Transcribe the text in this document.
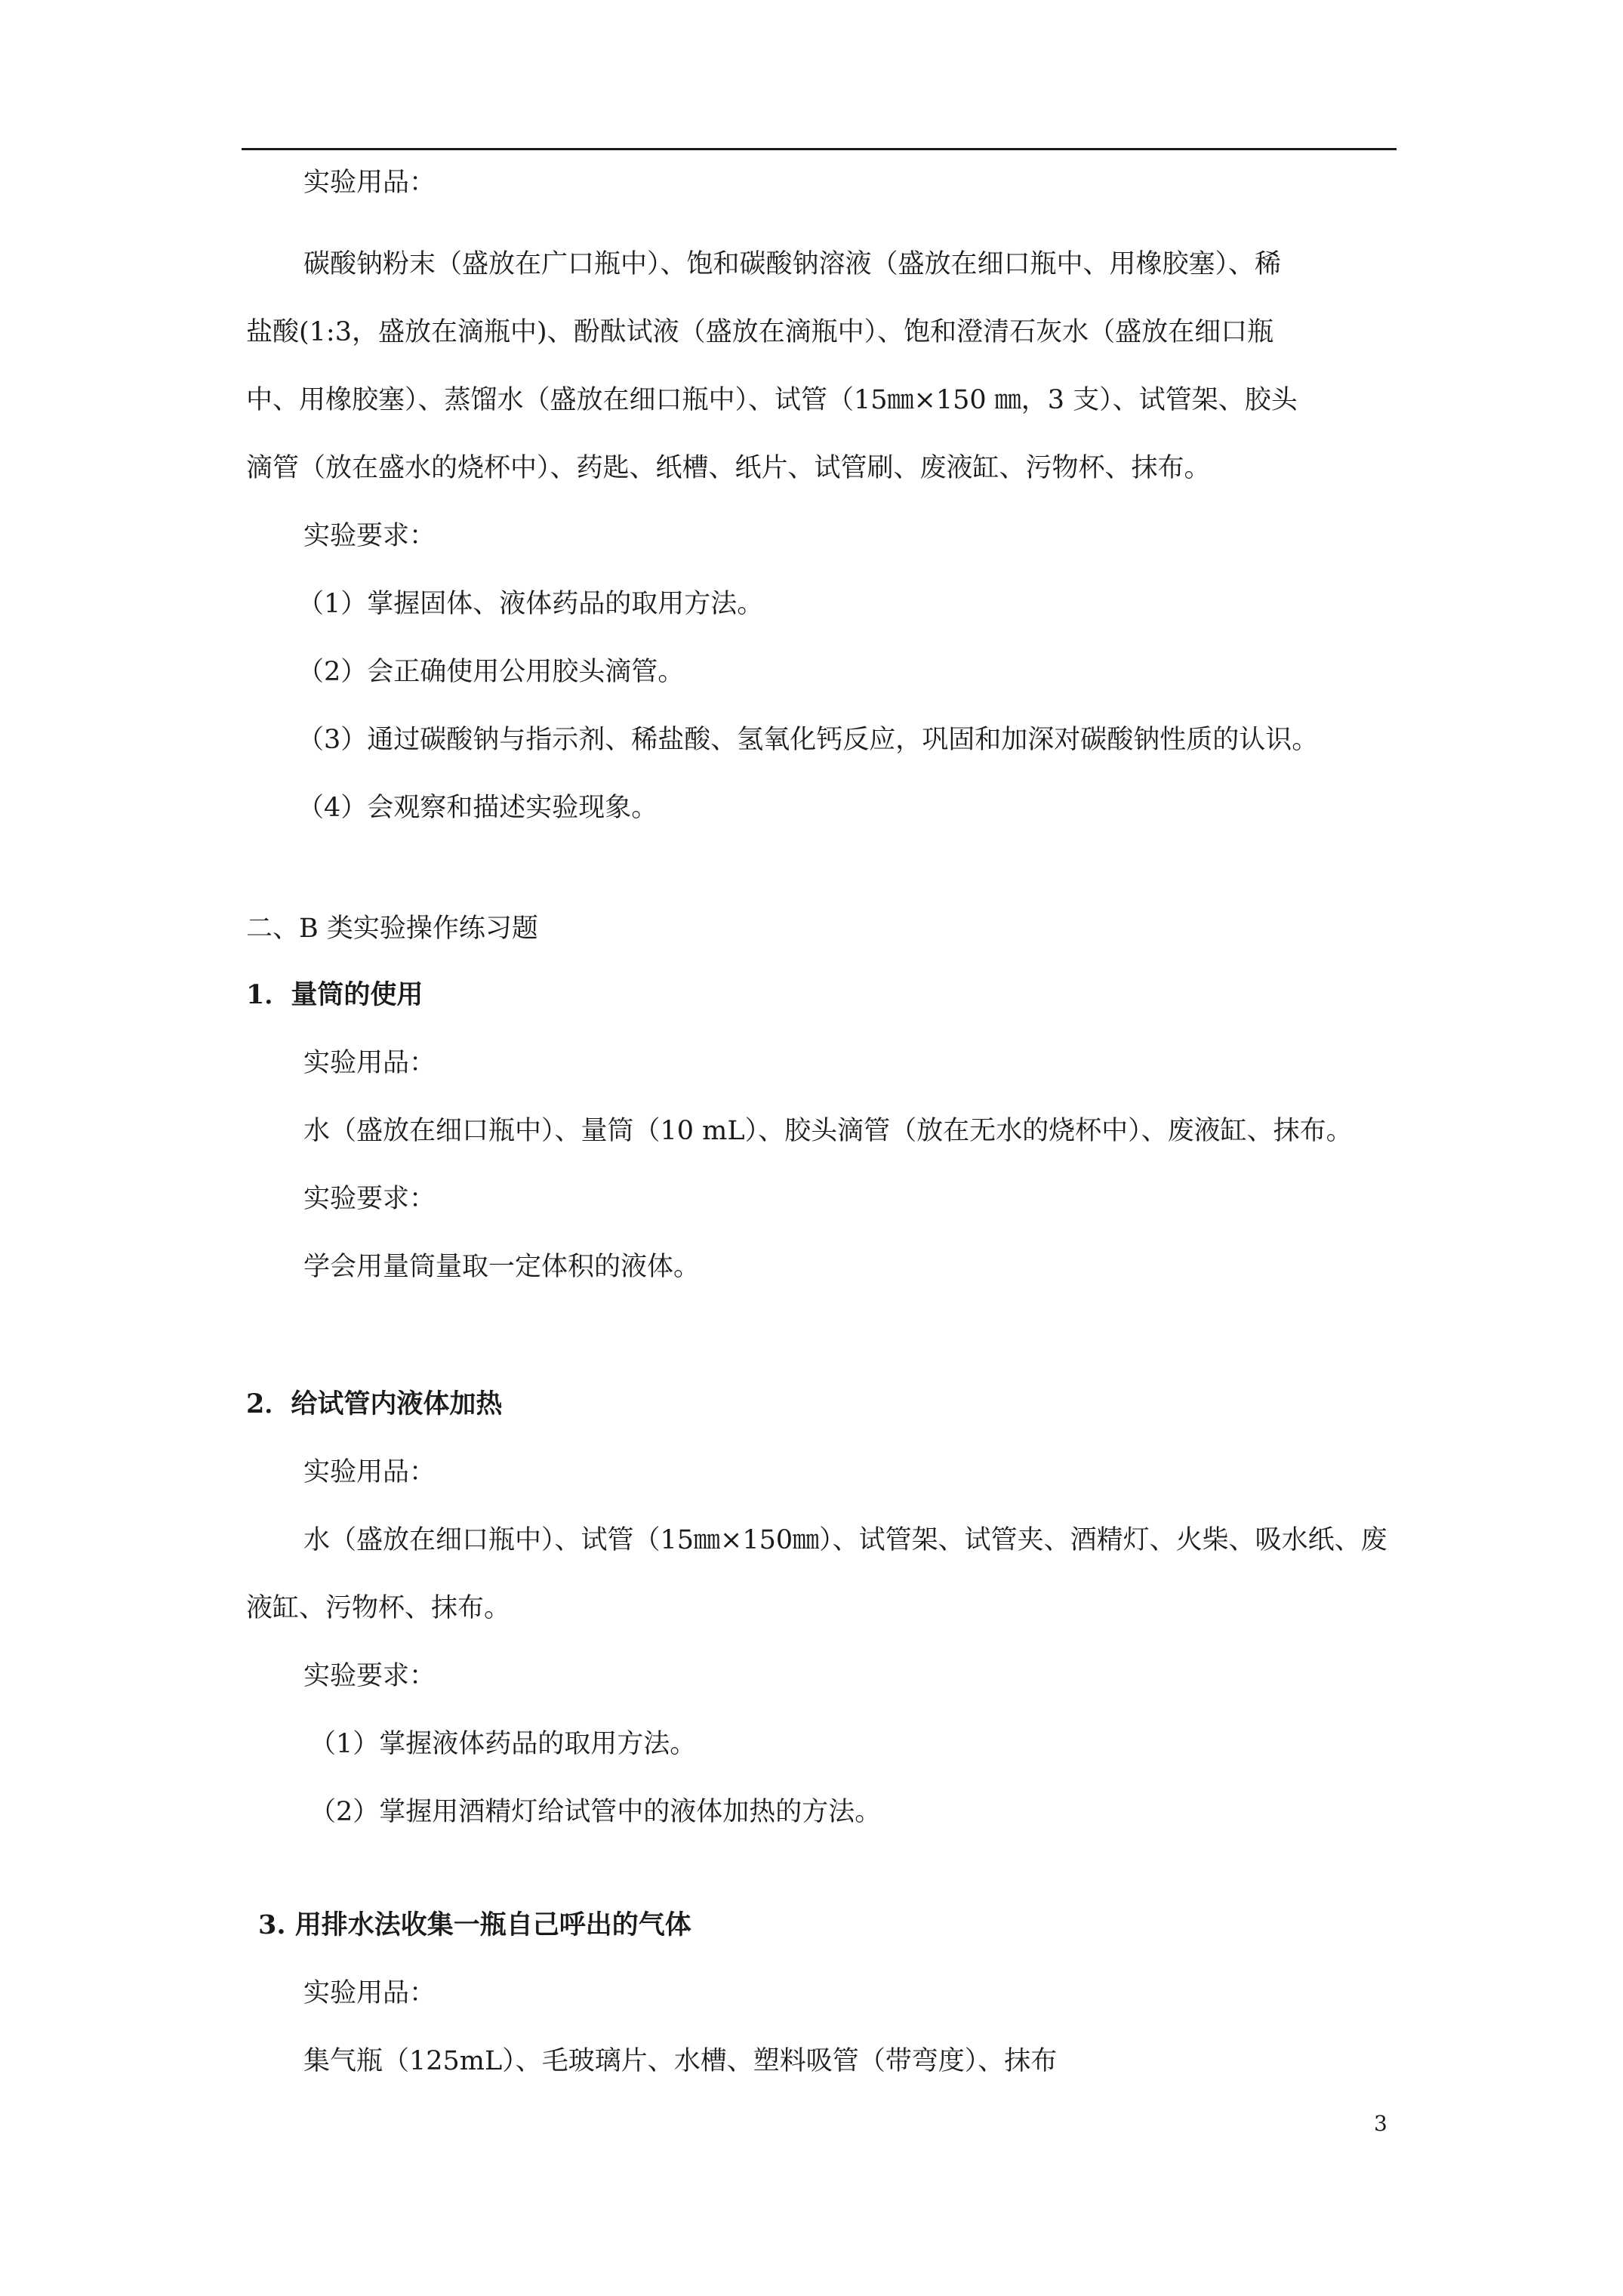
实验用品：

碳酸钠粉末（盛放在广口瓶中）、饱和碳酸钠溶液（盛放在细口瓶中、用橡胶塞）、稀

盐酸(1:3，盛放在滴瓶中)、酚酞试液（盛放在滴瓶中）、饱和澄清石灰水（盛放在细口瓶

中、用橡胶塞）、蒸馏水（盛放在细口瓶中）、试管（15㎜×150 ㎜，3 支）、试管架、胶头

滴管（放在盛水的烧杯中）、药匙、纸槽、纸片、试管刷、废液缸、污物杯、抹布。

实验要求：

（1）掌握固体、液体药品的取用方法。

（2）会正确使用公用胶头滴管。

（3）通过碳酸钠与指示剂、稀盐酸、氢氧化钙反应，巩固和加深对碳酸钠性质的认识。

（4）会观察和描述实验现象。

二、B 类实验操作练习题

1．量筒的使用

实验用品：

水（盛放在细口瓶中）、量筒（10 mL）、胶头滴管（放在无水的烧杯中）、废液缸、抹布。

实验要求：

学会用量筒量取一定体积的液体。

2．给试管内液体加热

实验用品：

水（盛放在细口瓶中）、试管（15㎜×150㎜）、试管架、试管夹、酒精灯、火柴、吸水纸、废

液缸、污物杯、抹布。

实验要求：

（1）掌握液体药品的取用方法。

（2）掌握用酒精灯给试管中的液体加热的方法。

3. 用排水法收集一瓶自己呼出的气体

实验用品：

集气瓶（125mL）、毛玻璃片、水槽、塑料吸管（带弯度）、抹布

3
